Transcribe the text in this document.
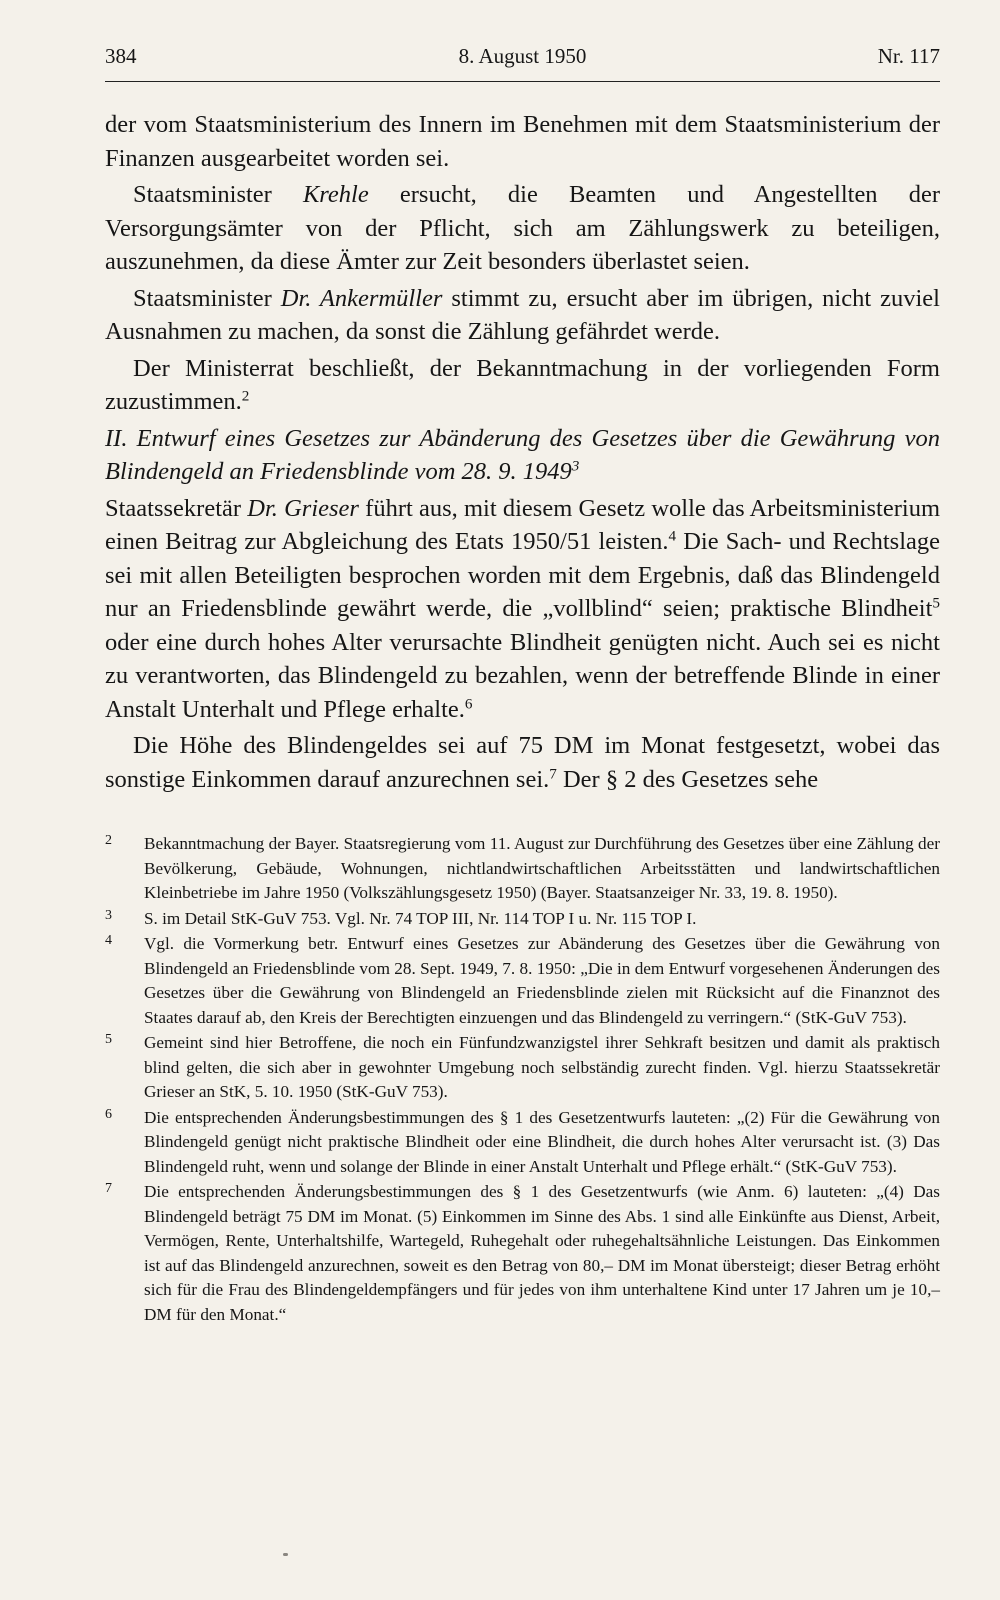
384	8. August 1950	Nr. 117

der vom Staatsministerium des Innern im Benehmen mit dem Staatsministerium der Finanzen ausgearbeitet worden sei.

Staatsminister Krehle ersucht, die Beamten und Angestellten der Versorgungsämter von der Pflicht, sich am Zählungswerk zu beteiligen, auszunehmen, da diese Ämter zur Zeit besonders überlastet seien.

Staatsminister Dr. Ankermüller stimmt zu, ersucht aber im übrigen, nicht zuviel Ausnahmen zu machen, da sonst die Zählung gefährdet werde.

Der Ministerrat beschließt, der Bekanntmachung in der vorliegenden Form zuzustimmen.$^2$

II. Entwurf eines Gesetzes zur Abänderung des Gesetzes über die Gewährung von Blindengeld an Friedensblinde vom 28. 9. 1949$^3$

Staatssekretär Dr. Grieser führt aus, mit diesem Gesetz wolle das Arbeitsministerium einen Beitrag zur Abgleichung des Etats 1950/51 leisten.$^4$ Die Sach- und Rechtslage sei mit allen Beteiligten besprochen worden mit dem Ergebnis, daß das Blindengeld nur an Friedensblinde gewährt werde, die „vollblind“ seien; praktische Blindheit$^5$ oder eine durch hohes Alter verursachte Blindheit genügten nicht. Auch sei es nicht zu verantworten, das Blindengeld zu bezahlen, wenn der betreffende Blinde in einer Anstalt Unterhalt und Pflege erhalte.$^6$

Die Höhe des Blindengeldes sei auf 75 DM im Monat festgesetzt, wobei das sonstige Einkommen darauf anzurechnen sei.$^7$ Der § 2 des Gesetzes sehe

2 Bekanntmachung der Bayer. Staatsregierung vom 11. August zur Durchführung des Gesetzes über eine Zählung der Bevölkerung, Gebäude, Wohnungen, nichtlandwirtschaftlichen Arbeitsstätten und landwirtschaftlichen Kleinbetriebe im Jahre 1950 (Volkszählungsgesetz 1950) (Bayer. Staatsanzeiger Nr. 33, 19. 8. 1950).
3 S. im Detail StK-GuV 753. Vgl. Nr. 74 TOP III, Nr. 114 TOP I u. Nr. 115 TOP I.
4 Vgl. die Vormerkung betr. Entwurf eines Gesetzes zur Abänderung des Gesetzes über die Gewährung von Blindengeld an Friedensblinde vom 28. Sept. 1949, 7. 8. 1950: „Die in dem Entwurf vorgesehenen Änderungen des Gesetzes über die Gewährung von Blindengeld an Friedensblinde zielen mit Rücksicht auf die Finanznot des Staates darauf ab, den Kreis der Berechtigten einzuengen und das Blindengeld zu verringern.“ (StK-GuV 753).
5 Gemeint sind hier Betroffene, die noch ein Fünfundzwanzigstel ihrer Sehkraft besitzen und damit als praktisch blind gelten, die sich aber in gewohnter Umgebung noch selbständig zurecht finden. Vgl. hierzu Staatssekretär Grieser an StK, 5. 10. 1950 (StK-GuV 753).
6 Die entsprechenden Änderungsbestimmungen des § 1 des Gesetzentwurfs lauteten: „(2) Für die Gewährung von Blindengeld genügt nicht praktische Blindheit oder eine Blindheit, die durch hohes Alter verursacht ist. (3) Das Blindengeld ruht, wenn und solange der Blinde in einer Anstalt Unterhalt und Pflege erhält.“ (StK-GuV 753).
7 Die entsprechenden Änderungsbestimmungen des § 1 des Gesetzentwurfs (wie Anm. 6) lauteten: „(4) Das Blindengeld beträgt 75 DM im Monat. (5) Einkommen im Sinne des Abs. 1 sind alle Einkünfte aus Dienst, Arbeit, Vermögen, Rente, Unterhaltshilfe, Wartegeld, Ruhegehalt oder ruhegehaltsähnliche Leistungen. Das Einkommen ist auf das Blindengeld anzurechnen, soweit es den Betrag von 80,– DM im Monat übersteigt; dieser Betrag erhöht sich für die Frau des Blindengeldempfängers und für jedes von ihm unterhaltene Kind unter 17 Jahren um je 10,– DM für den Monat.“
